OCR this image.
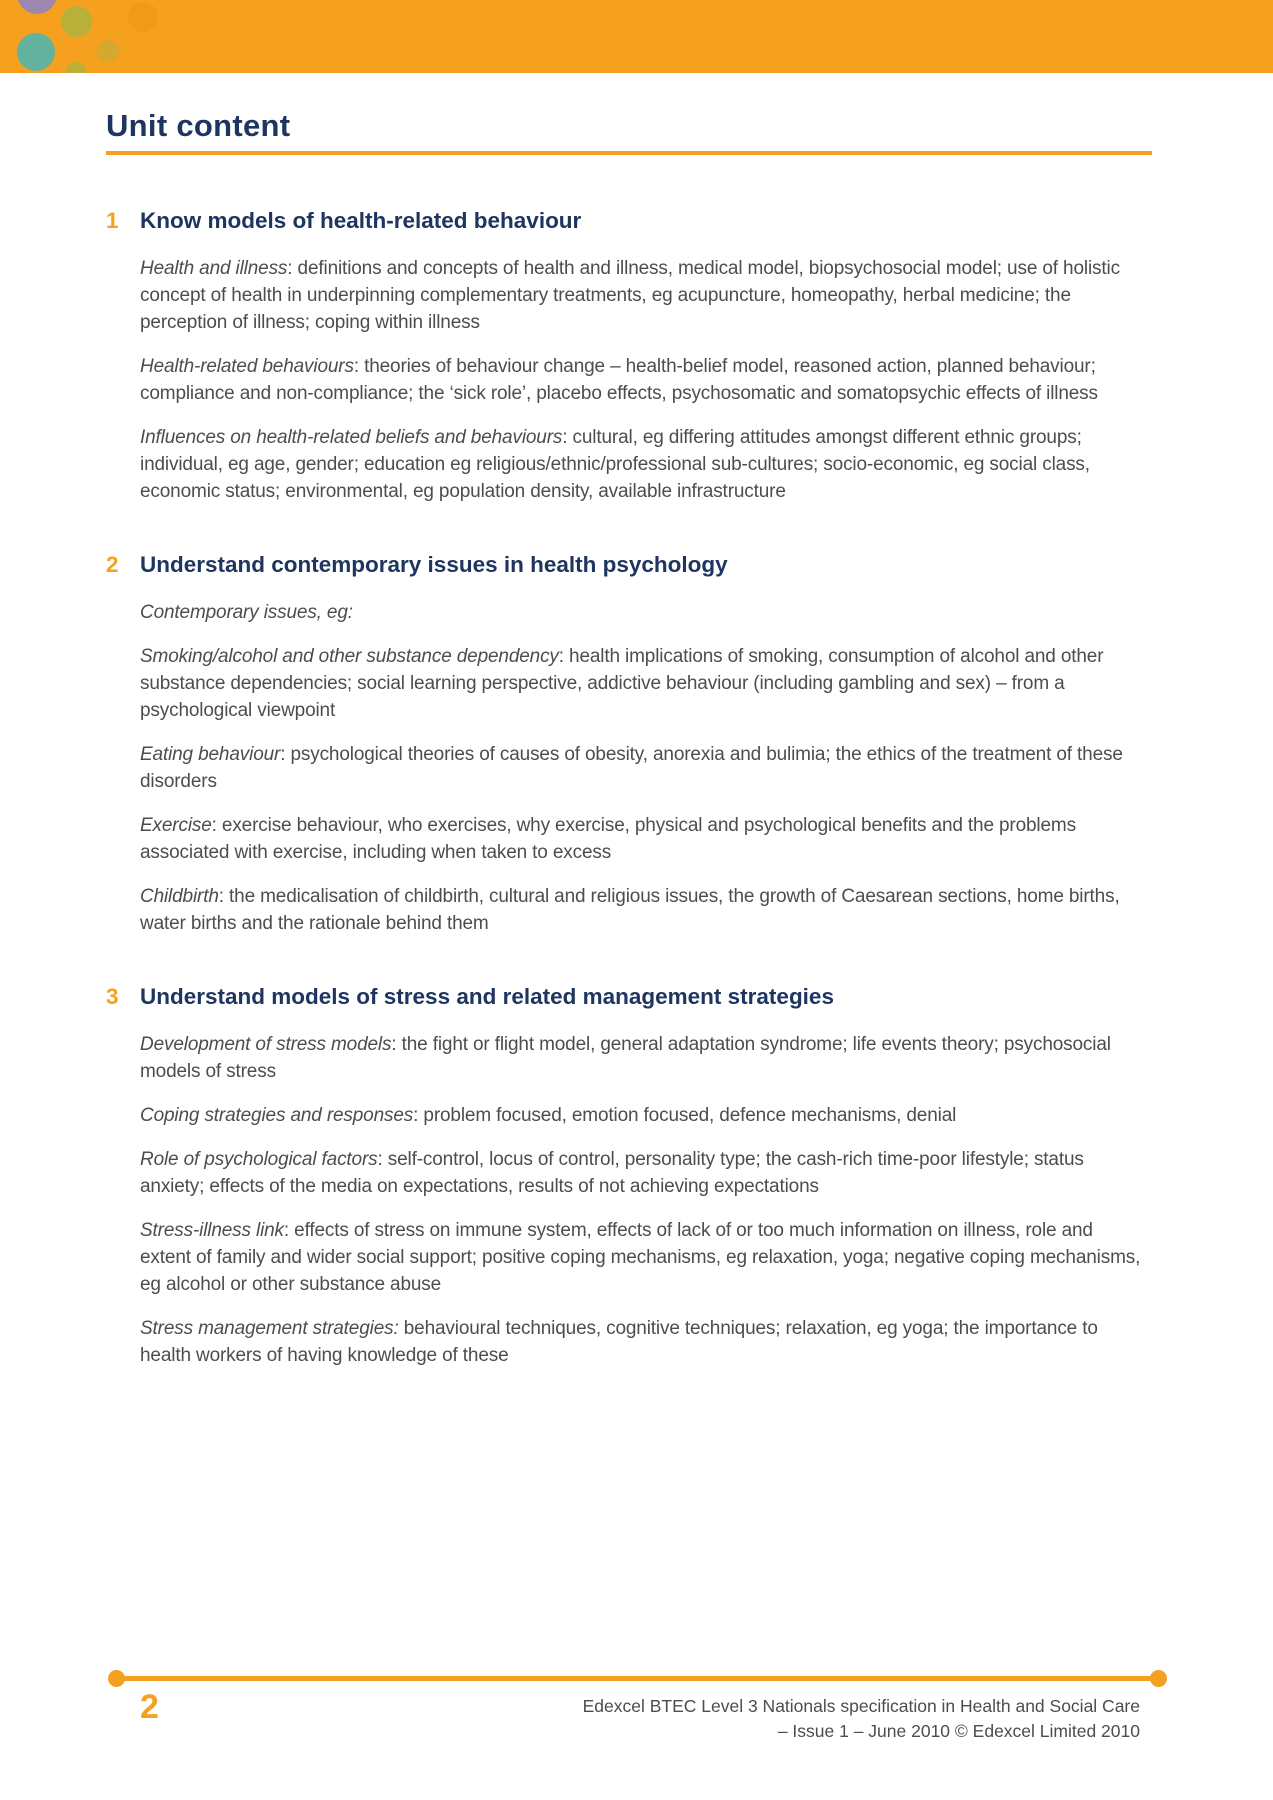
Unit content
1 Know models of health-related behaviour

Health and illness: definitions and concepts of health and illness, medical model, biopsychosocial model; use of holistic concept of health in underpinning complementary treatments, eg acupuncture, homeopathy, herbal medicine; the perception of illness; coping within illness

Health-related behaviours: theories of behaviour change – health-belief model, reasoned action, planned behaviour; compliance and non-compliance; the ‘sick role’, placebo effects, psychosomatic and somatopsychic effects of illness

Influences on health-related beliefs and behaviours: cultural, eg differing attitudes amongst different ethnic groups; individual, eg age, gender; education eg religious/ethnic/professional sub-cultures; socio-economic, eg social class, economic status; environmental, eg population density, available infrastructure

2 Understand contemporary issues in health psychology

Contemporary issues, eg:

Smoking/alcohol and other substance dependency: health implications of smoking, consumption of alcohol and other substance dependencies; social learning perspective, addictive behaviour (including gambling and sex) – from a psychological viewpoint

Eating behaviour: psychological theories of causes of obesity, anorexia and bulimia; the ethics of the treatment of these disorders

Exercise: exercise behaviour, who exercises, why exercise, physical and psychological benefits and the problems associated with exercise, including when taken to excess

Childbirth: the medicalisation of childbirth, cultural and religious issues, the growth of Caesarean sections, home births, water births and the rationale behind them

3 Understand models of stress and related management strategies

Development of stress models: the fight or flight model, general adaptation syndrome; life events theory; psychosocial models of stress

Coping strategies and responses: problem focused, emotion focused, defence mechanisms, denial

Role of psychological factors: self-control, locus of control, personality type; the cash-rich time-poor lifestyle; status anxiety; effects of the media on expectations, results of not achieving expectations

Stress-illness link: effects of stress on immune system, effects of lack of or too much information on illness, role and extent of family and wider social support; positive coping mechanisms, eg relaxation, yoga; negative coping mechanisms, eg alcohol or other substance abuse

Stress management strategies: behavioural techniques, cognitive techniques; relaxation, eg yoga; the importance to health workers of having knowledge of these

2	Edexcel BTEC Level 3 Nationals specification in Health and Social Care
– Issue 1 – June 2010 © Edexcel Limited 2010
